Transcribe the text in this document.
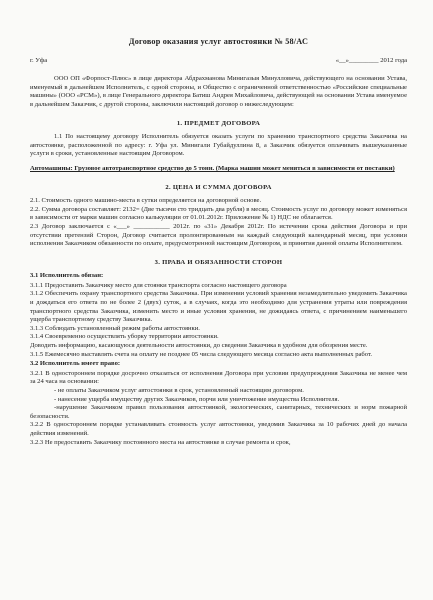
Договор оказания услуг автостоянки № 58/АС
г. Уфа	«__»_________ 2012 года

ООО ОП «Форпост-Плюс» в лице директора Абдрахманова Минигазыя Минулловича, действующего на основании Устава, именуемый в дальнейшем Исполнитель, с одной стороны, и Общество с ограниченной ответственностью «Российские специальные машины» (ООО «РСМ»), в лице Генерального директора Батиш Андрея Михайловича, действующей на основании Устава именуемое в дальнейшем Заказчик, с другой стороны, заключили настоящий договор о нижеследующем:

1. ПРЕДМЕТ ДОГОВОРА

1.1 По настоящему договору Исполнитель обязуется оказать услуги по хранению транспортного средства Заказчика на автостоянке, расположенной по адресу: г. Уфа ул. Минигали Губайдуллина 8, а Заказчик обязуется оплачивать вышеуказанные услуги в сроки, установленные настоящим Договором.

Автомашины: Грузовое автотранспортное средство до 5 тонн. (Марка машин может меняться в зависимости от поставки)
2. ЦЕНА И СУММА ДОГОВОРА

2.1. Стоимость одного машино-места в сутки определяется на договорной основе.

2.2. Сумма договора составляет: 2132= (Две тысячи сто тридцать два рубля) в месяц. Стоимость услуг по договору может изменяться в зависимости от марки машин согласно калькуляции от 01.01.2012г. Приложение № 1) НДС не облагается.

2.3 Договор заключается с «___» ___________ 2012г. по «31» Декабря 2012г. По истечении срока действия Договора и при отсутствии претензий Сторон, Договор считается пролонгированным на каждый следующий календарный месяц, при условии исполнения Заказчиком обязанности по оплате, предусмотренной настоящим Договором, и принятия данной оплаты Исполнителем.

3. ПРАВА И ОБЯЗАННОСТИ СТОРОН
3.1 Исполнитель обязан:

3.1.1 Предоставить Заказчику место для стоянки транспорта согласно настоящего договора

3.1.2 Обеспечить охрану транспортного средства Заказчика. При изменении условий хранения незамедлительно уведомить Заказчика и дождаться его ответа по не более 2 (двух) суток, а в случаях, когда это необходимо для устранения утраты или повреждения транспортного средства Заказчика, изменить место и иные условия хранения, не дожидаясь ответа, с причинением наименьшего ущерба транспортному средству Заказчика.

3.1.3 Соблюдать установленный режим работы автостоянки.

3.1.4 Своевременно осуществлять уборку территории автостоянки.

Доводить информацию, касающуюся деятельности автостоянки, до сведения Заказчика в удобном для обозрения месте.

3.1.5 Ежемесячно выставлять счета на оплату не позднее 05 числа следующего месяца согласно акта выполненных работ.

3.2 Исполнитель имеет право:

3.2.1 В одностороннем порядке досрочно отказаться от исполнения Договора при условии предупреждения Заказчика не менее чем за 24 часа на основании:

- не оплаты Заказчиком услуг автостоянки в срок, установленный настоящим договором.

- нанесение ущерба имуществу других Заказчиков, порчи или уничтожение имущества Исполнителя.

-нарушение Заказчиком правил пользования автостоянкой, экологических, санитарных, технических и норм пожарной безопасности.

3.2.2 В одностороннем порядке устанавливать стоимость услуг автостоянки, уведомив Заказчика за 10 рабочих дней до начала действия изменений.

3.2.3 Не предоставить Заказчику постоянного места на автостоянке в случае ремонта и срок,
